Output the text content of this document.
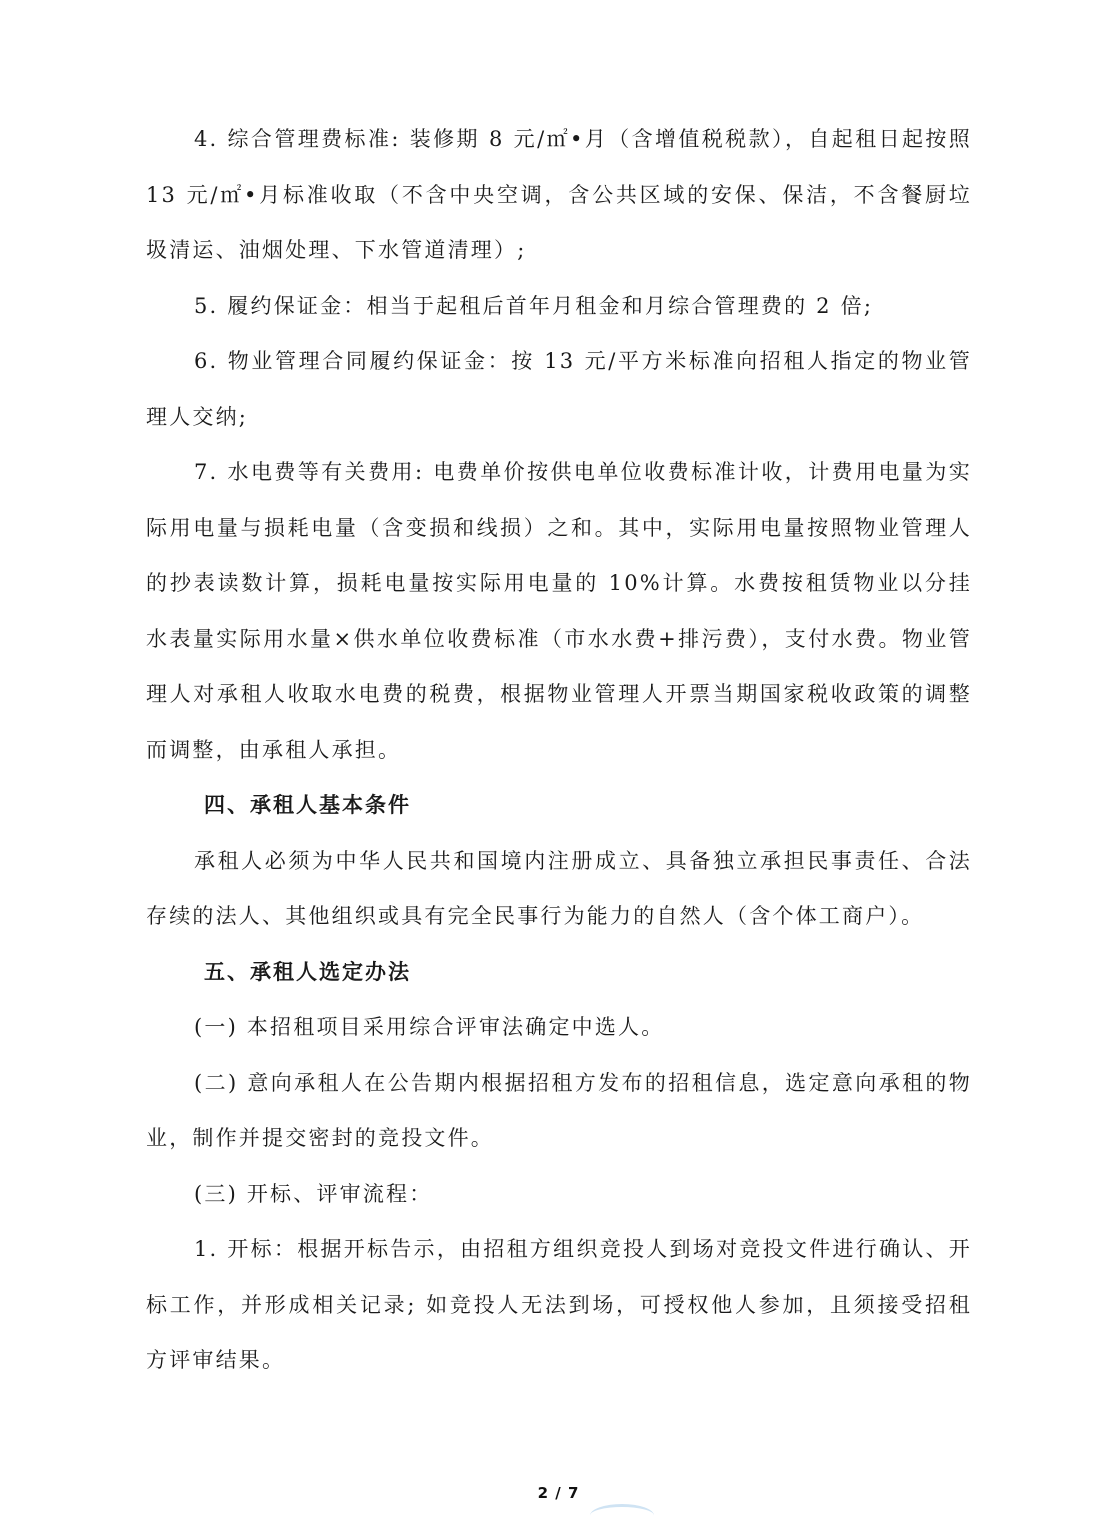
4. 综合管理费标准: 装修期 8 元/㎡•月（含增值税税款），自起租日起按照 13 元/㎡•月标准收取（不含中央空调，含公共区域的安保、保洁，不含餐厨垃圾清运、油烟处理、下水管道清理）;

5. 履约保证金：相当于起租后首年月租金和月综合管理费的 2 倍;

6. 物业管理合同履约保证金：按 13 元/平方米标准向招租人指定的物业管理人交纳;

7. 水电费等有关费用: 电费单价按供电单位收费标准计收，计费用电量为实际用电量与损耗电量（含变损和线损）之和。其中，实际用电量按照物业管理人的抄表读数计算，损耗电量按实际用电量的 10%计算。水费按租赁物业以分挂水表量实际用水量×供水单位收费标准（市水水费+排污费），支付水费。物业管理人对承租人收取水电费的税费，根据物业管理人开票当期国家税收政策的调整而调整，由承租人承担。

四、承租人基本条件

承租人必须为中华人民共和国境内注册成立、具备独立承担民事责任、合法存续的法人、其他组织或具有完全民事行为能力的自然人（含个体工商户）。

五、承租人选定办法

(一) 本招租项目采用综合评审法确定中选人。

(二) 意向承租人在公告期内根据招租方发布的招租信息，选定意向承租的物业，制作并提交密封的竞投文件。

(三) 开标、评审流程：

1. 开标：根据开标告示，由招租方组织竞投人到场对竞投文件进行确认、开标工作，并形成相关记录; 如竞投人无法到场，可授权他人参加，且须接受招租方评审结果。

2 / 7
